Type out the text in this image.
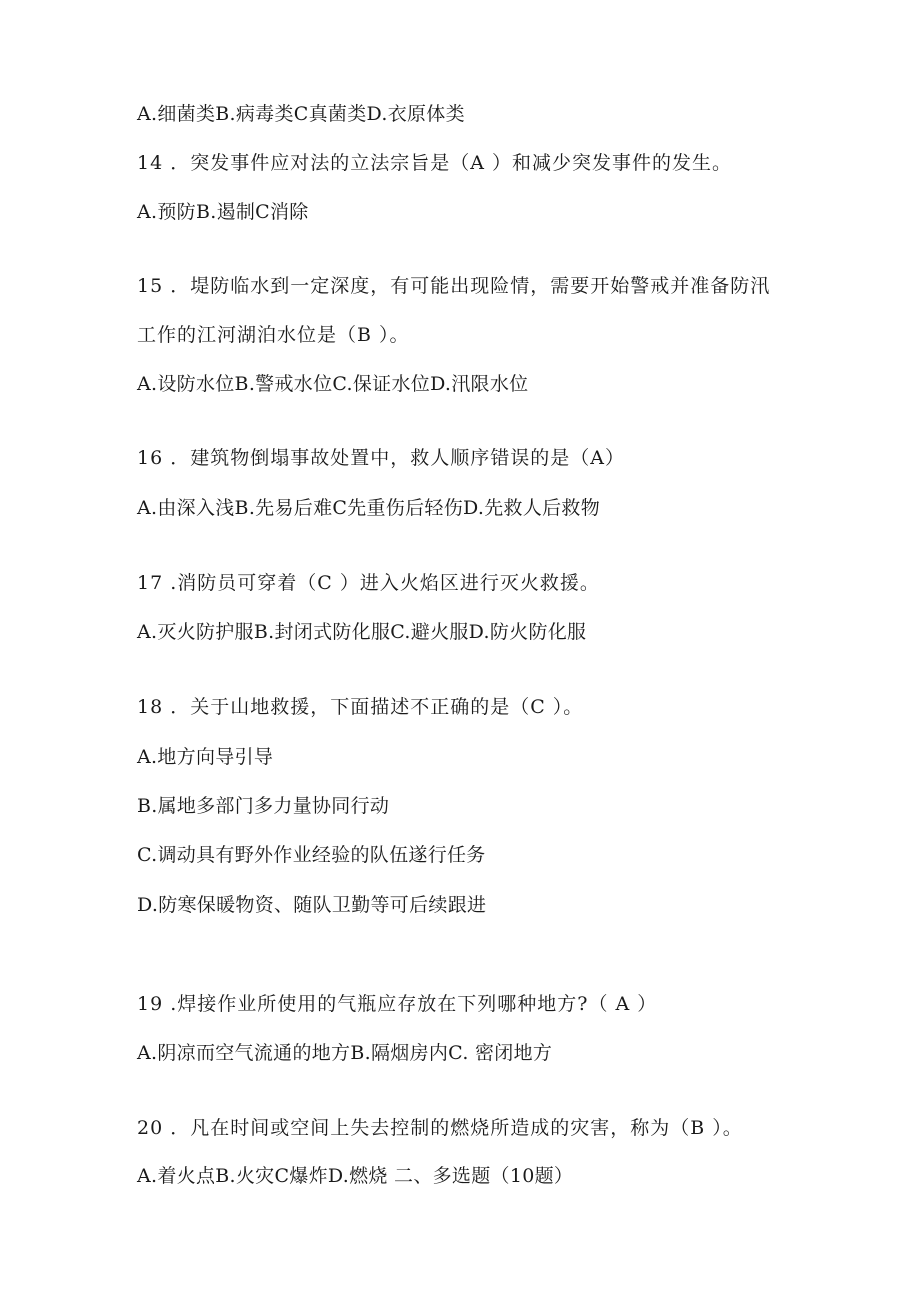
A.细菌类B.病毒类C真菌类D.衣原体类
14 ．突发事件应对法的立法宗旨是（A ）和减少突发事件的发生。
A.预防B.遏制C消除
15 ．堤防临水到一定深度，有可能出现险情，需要开始警戒并准备防汛
工作的江河湖泊水位是（B ）。
A.设防水位B.警戒水位C.保证水位D.汛限水位
16 ．建筑物倒塌事故处置中，救人顺序错误的是（A）
A.由深入浅B.先易后难C先重伤后轻伤D.先救人后救物
17 .消防员可穿着（C ）进入火焰区进行灭火救援。
A.灭火防护服B.封闭式防化服C.避火服D.防火防化服
18 ．关于山地救援，下面描述不正确的是（C ）。
A.地方向导引导
B.属地多部门多力量协同行动
C.调动具有野外作业经验的队伍遂行任务
D.防寒保暖物资、随队卫勤等可后续跟进
19 .焊接作业所使用的气瓶应存放在下列哪种地方?（ A ）
A.阴凉而空气流通的地方B.隔烟房内C. 密闭地方
20 ．凡在时间或空间上失去控制的燃烧所造成的灾害，称为（B ）。
A.着火点B.火灾C爆炸D.燃烧 二、多选题（10题）
